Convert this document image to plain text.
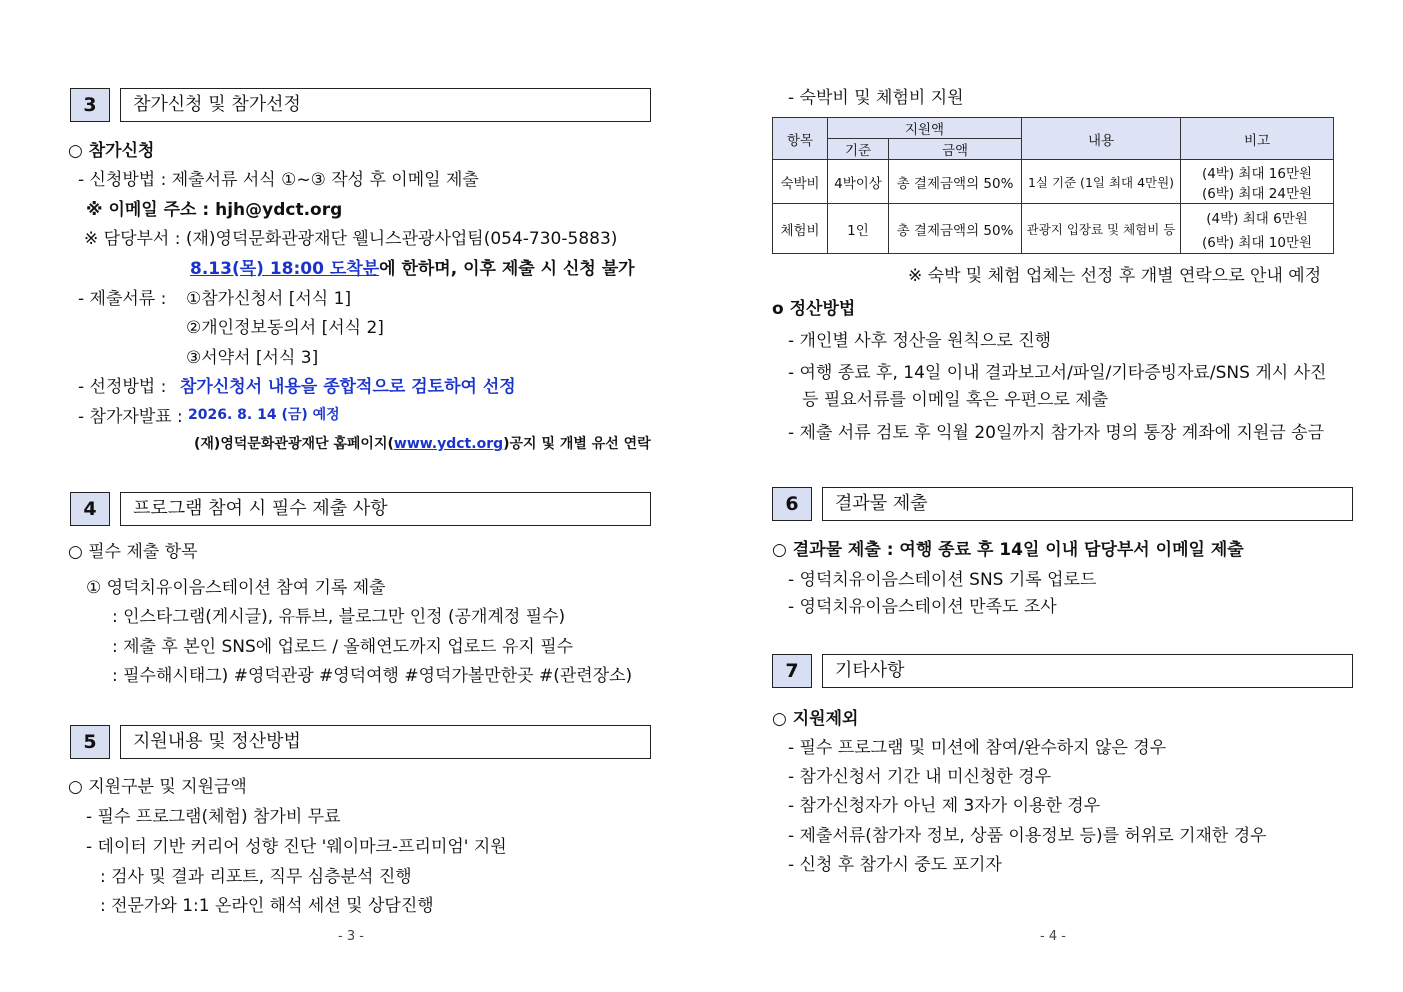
3	참가신청 및 참가선정
○ 참가신청
- 신청방법 : 제출서류 서식 ①~③ 작성 후 이메일 제출
※ 이메일 주소 : hjh@ydct.org
※ 담당부서 : (재)영덕문화관광재단 웰니스관광사업팀(054-730-5883)
8.13(목) 18:00 도착분에 한하며, 이후 제출 시 신청 불가
- 제출서류 : ①참가신청서 [서식 1]
②개인정보동의서 [서식 2]
③서약서 [서식 3]
- 선정방법 : 참가신청서 내용을 종합적으로 검토하여 선정
- 참가자발표 : 2026. 8. 14 (금) 예정
(재)영덕문화관광재단 홈페이지(www.ydct.org)공지 및 개별 유선 연락
4	프로그램 참여 시 필수 제출 사항
○ 필수 제출 항목
① 영덕치유이음스테이션 참여 기록 제출
: 인스타그램(게시글), 유튜브, 블로그만 인정 (공개계정 필수)
: 제출 후 본인 SNS에 업로드 / 올해연도까지 업로드 유지 필수
: 필수해시태그) #영덕관광 #영덕여행 #영덕가볼만한곳 #(관련장소)
5	지원내용 및 정산방법
○ 지원구분 및 지원금액
- 필수 프로그램(체험) 참가비 무료
- 데이터 기반 커리어 성향 진단 '웨이마크-프리미엄' 지원
: 검사 및 결과 리포트, 직무 심층분석 진행
: 전문가와 1:1 온라인 해석 세션 및 상담진행
- 3 -
- 숙박비 및 체험비 지원
항목	지원액		내용	비고
	기준	금액		
숙박비	4박이상	총 결제금액의 50%	1실 기준 (1일 최대 4만원)	(4박) 최대 16만원
(6박) 최대 24만원

체험비	1인	총 결제금액의 50%	관광지 입장료 및 체험비 등	(4박) 최대 6만원
(6박) 최대 10만원
※ 숙박 및 체험 업체는 선정 후 개별 연락으로 안내 예정
o 정산방법
- 개인별 사후 정산을 원칙으로 진행
- 여행 종료 후, 14일 이내 결과보고서/파일/기타증빙자료/SNS 게시 사진
등 필요서류를 이메일 혹은 우편으로 제출
- 제출 서류 검토 후 익월 20일까지 참가자 명의 통장 계좌에 지원금 송금
6	결과물 제출
○ 결과물 제출 : 여행 종료 후 14일 이내 담당부서 이메일 제출
- 영덕치유이음스테이션 SNS 기록 업로드
- 영덕치유이음스테이션 만족도 조사
7	기타사항
○ 지원제외
- 필수 프로그램 및 미션에 참여/완수하지 않은 경우
- 참가신청서 기간 내 미신청한 경우
- 참가신청자가 아닌 제 3자가 이용한 경우
- 제출서류(참가자 정보, 상품 이용정보 등)를 허위로 기재한 경우
- 신청 후 참가시 중도 포기자
- 4 -
